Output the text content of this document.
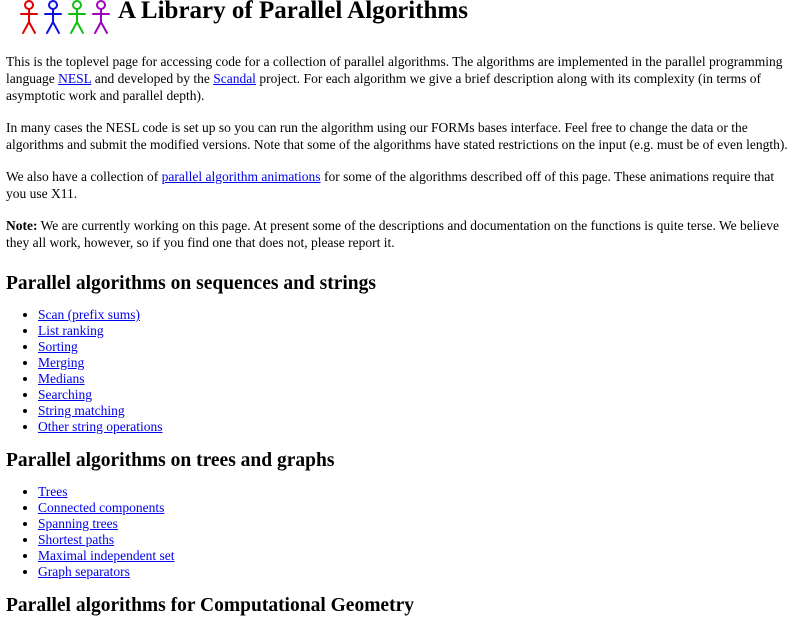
A Library of Parallel Algorithms

This is the toplevel page for accessing code for a collection of parallel algorithms. The algorithms are implemented in the parallel programming language NESL and developed by the Scandal project. For each algorithm we give a brief description along with its complexity (in terms of asymptotic work and parallel depth).

In many cases the NESL code is set up so you can run the algorithm using our FORMs bases interface. Feel free to change the data or the algorithms and submit the modified versions. Note that some of the algorithms have stated restrictions on the input (e.g. must be of even length).

We also have a collection of parallel algorithm animations for some of the algorithms described off of this page. These animations require that you use X11.

Note: We are currently working on this page. At present some of the descriptions and documentation on the functions is quite terse. We believe they all work, however, so if you find one that does not, please report it.

Parallel algorithms on sequences and strings
• Scan (prefix sums)
• List ranking
• Sorting
• Merging
• Medians
• Searching
• String matching
• Other string operations
Parallel algorithms on trees and graphs
• Trees
• Connected components
• Spanning trees
• Shortest paths
• Maximal independent set
• Graph separators
Parallel algorithms for Computational Geometry
